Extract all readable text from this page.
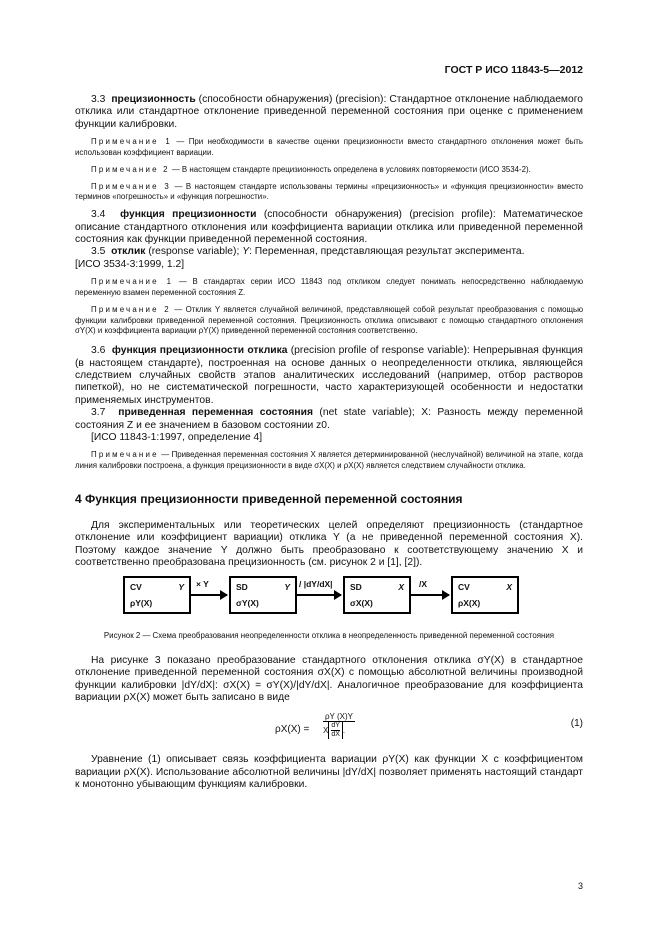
ГОСТ Р ИСО 11843-5—2012

3.3 прецизионность (способности обнаружения) (precision): Стандартное отклонение наблюдаемого отклика или стандартное отклонение приведенной переменной состояния при оценке с применением функции калибровки.

Примечание 1 — При необходимости в качестве оценки прецизионности вместо стандартного отклонения может быть использован коэффициент вариации.

Примечание 2 — В настоящем стандарте прецизионность определена в условиях повторяемости (ИСО 3534-2).

Примечание 3 — В настоящем стандарте использованы термины «прецизионность» и «функция прецизионности» вместо терминов «погрешность» и «функция погрешности».

3.4 функция прецизионности (способности обнаружения) (precision profile): Математическое описание стандартного отклонения или коэффициента вариации отклика или приведенной переменной состояния как функции приведенной переменной состояния.

3.5 отклик (response variable); Y: Переменная, представляющая результат эксперимента.

[ИСО 3534-3:1999, 1.2]

Примечание 1 — В стандартах серии ИСО 11843 под откликом следует понимать непосредственно наблюдаемую переменную взамен переменной состояния Z.

Примечание 2 — Отклик Y является случайной величиной, представляющей собой результат преобразования с помощью функции калибровки приведенной переменной состояния. Прецизионность отклика описывают с помощью стандартного отклонения σY(X) и коэффициента вариации ρY(X) приведенной переменной состояния соответственно.

3.6 функция прецизионности отклика (precision profile of response variable): Непрерывная функция (в настоящем стандарте), построенная на основе данных о неопределенности отклика, являющейся следствием случайных свойств этапов аналитических исследований (например, отбор растворов пипеткой), но не систематической погрешности, часто характеризующей особенности и недостатки применяемых инструментов.

3.7 приведенная переменная состояния (net state variable); X: Разность между переменной состояния Z и ее значением в базовом состоянии z0.

[ИСО 11843-1:1997, определение 4]

Примечание — Приведенная переменная состояния X является детерминированной (неслучайной) величиной на этапе, когда линия калибровки построена, а функция прецизионности в виде σX(X) и ρX(X) является следствием случайности отклика.

4 Функция прецизионности приведенной переменной состояния

Для экспериментальных или теоретических целей определяют прецизионность (стандартное отклонение или коэффициент вариации) отклика Y (а не приведенной переменной состояния X). Поэтому каждое значение Y должно быть преобразовано к соответствующему значению X и соответственно преобразована прецизионность (см. рисунок 2 и [1], [2]).

CV	Y
ρY(X)
× Y	SD	Y
σY(X)
/ |dY/dX| SD	X
σX(X)
/X	CV	X
ρX(X)

Рисунок 2 — Схема преобразования неопределенности отклика в неопределенность приведенной переменной состояния

На рисунке 3 показано преобразование стандартного отклонения отклика σY(X) в стандартное отклонение приведенной переменной состояния σX(X) с помощью абсолютной величины производной функции калибровки |dY/dX|: σX(X) = σY(X)/|dY/dX|. Аналогичное преобразование для коэффициента вариации ρX(X) может быть записано в виде

ρX(X) = ρY (X)Y
X
dY
dX .	(1)

Уравнение (1) описывает связь коэффициента вариации ρY(X) как функции X с коэффициентом вариации ρX(X). Использование абсолютной величины |dY/dX| позволяет применять настоящий стандарт к монотонно убывающим функциям калибровки.

3
